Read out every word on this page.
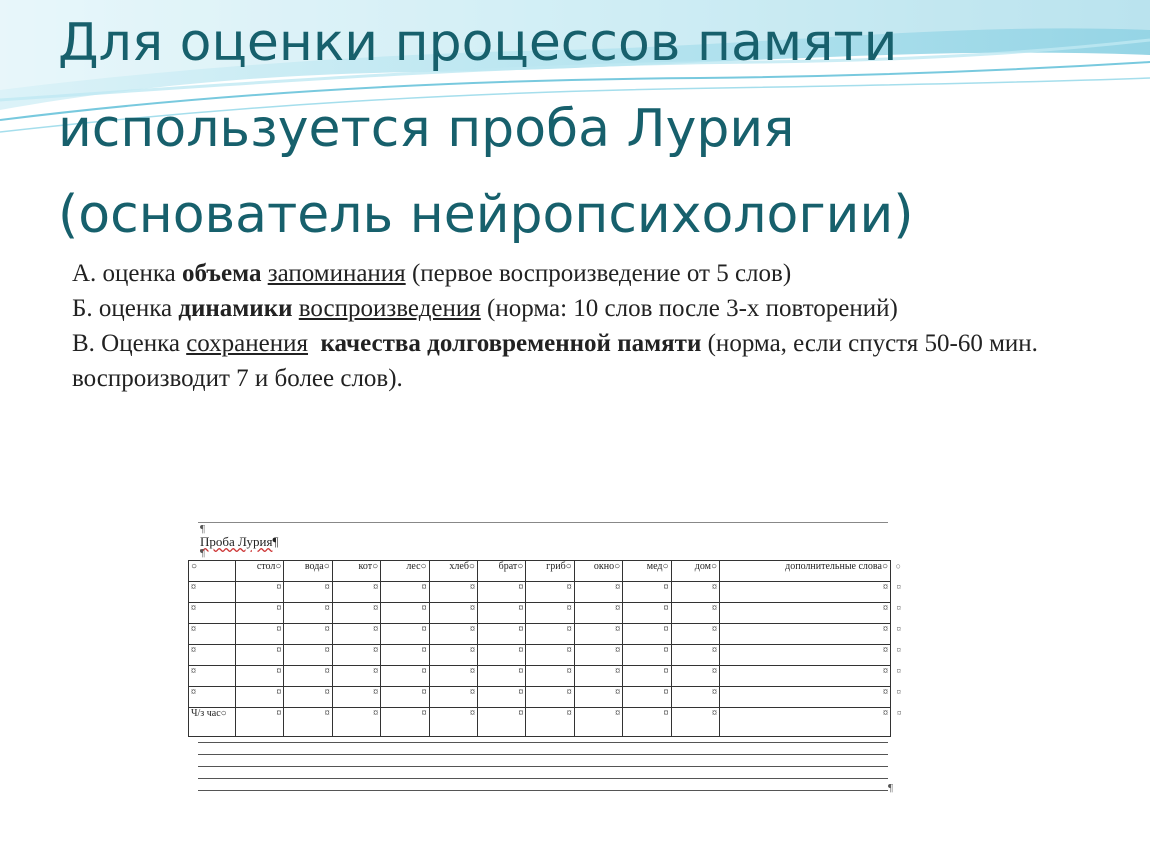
Для оценки процессов памяти
используется проба Лурия
(основатель нейропсихологии)

А. оценка объема запоминания (первое воспроизведение от 5 слов)

Б. оценка динамики воспроизведения (норма: 10 слов после 3-х повторений)

В. Оценка сохранения качества долговременной памяти (норма, если спустя 50-60 мин. воспроизводит 7 и более слов).

¶
Проба Лурия¶
¶
○	стол○	вода○	кот○	лес○	хлеб○	брат○	гриб○	окно○	мед○	дом○	дополнительные слова○	○
¤	¤	¤	¤	¤	¤	¤	¤	¤	¤	¤	¤	¤
¤	¤	¤	¤	¤	¤	¤	¤	¤	¤	¤	¤	¤
¤	¤	¤	¤	¤	¤	¤	¤	¤	¤	¤	¤	¤
¤	¤	¤	¤	¤	¤	¤	¤	¤	¤	¤	¤	¤
¤	¤	¤	¤	¤	¤	¤	¤	¤	¤	¤	¤	¤
¤	¤	¤	¤	¤	¤	¤	¤	¤	¤	¤	¤	¤
Ч/з час○	¤	¤	¤	¤	¤	¤	¤	¤	¤	¤	¤	¤
¶
